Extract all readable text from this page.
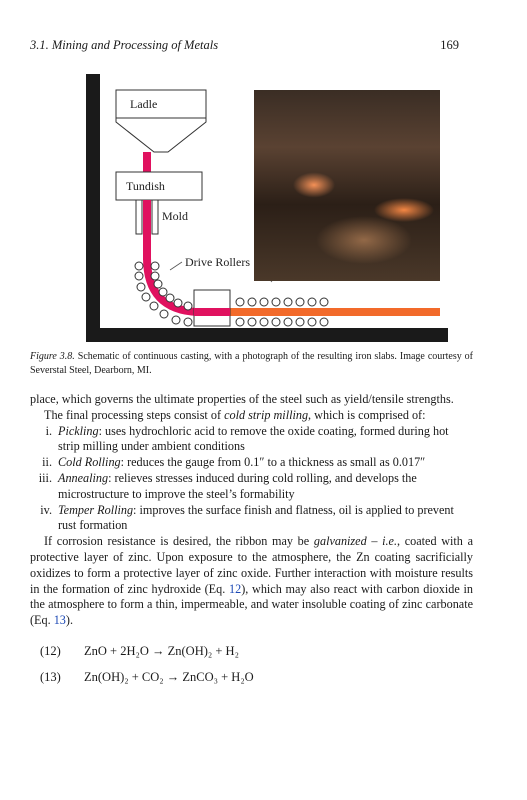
3.1. Mining and Processing of Metals	169
Ladle
Tundish
Mold
Drive Rollers
Figure 3.8. Schematic of continuous casting, with a photograph of the resulting iron slabs. Image courtesy of Severstal Steel, Dearborn, MI.

place, which governs the ultimate properties of the steel such as yield/tensile strengths.

The final processing steps consist of cold strip milling, which is comprised of:

i. Pickling: uses hydrochloric acid to remove the oxide coating, formed during hot
strip milling under ambient conditions
ii. Cold Rolling: reduces the gauge from 0.1″ to a thickness as small as 0.017″
iii. Annealing: relieves stresses induced during cold rolling, and develops the
microstructure to improve the steel’s formability
iv. Temper Rolling: improves the surface finish and flatness, oil is applied to prevent
rust formation

If corrosion resistance is desired, the ribbon may be galvanized – i.e., coated with a protective layer of zinc. Upon exposure to the atmosphere, the Zn coating sacrificially oxidizes to form a protective layer of zinc oxide. Further interaction with moisture results in the formation of zinc hydroxide (Eq. 12), which may also react with carbon dioxide in the atmosphere to form a thin, impermeable, and water insoluble coating of zinc carbonate (Eq. 13).

(12)	ZnO + 2H₂O → Zn(OH)₂ + H₂
(13)	Zn(OH)₂ + CO₂ → ZnCO₃ + H₂O
